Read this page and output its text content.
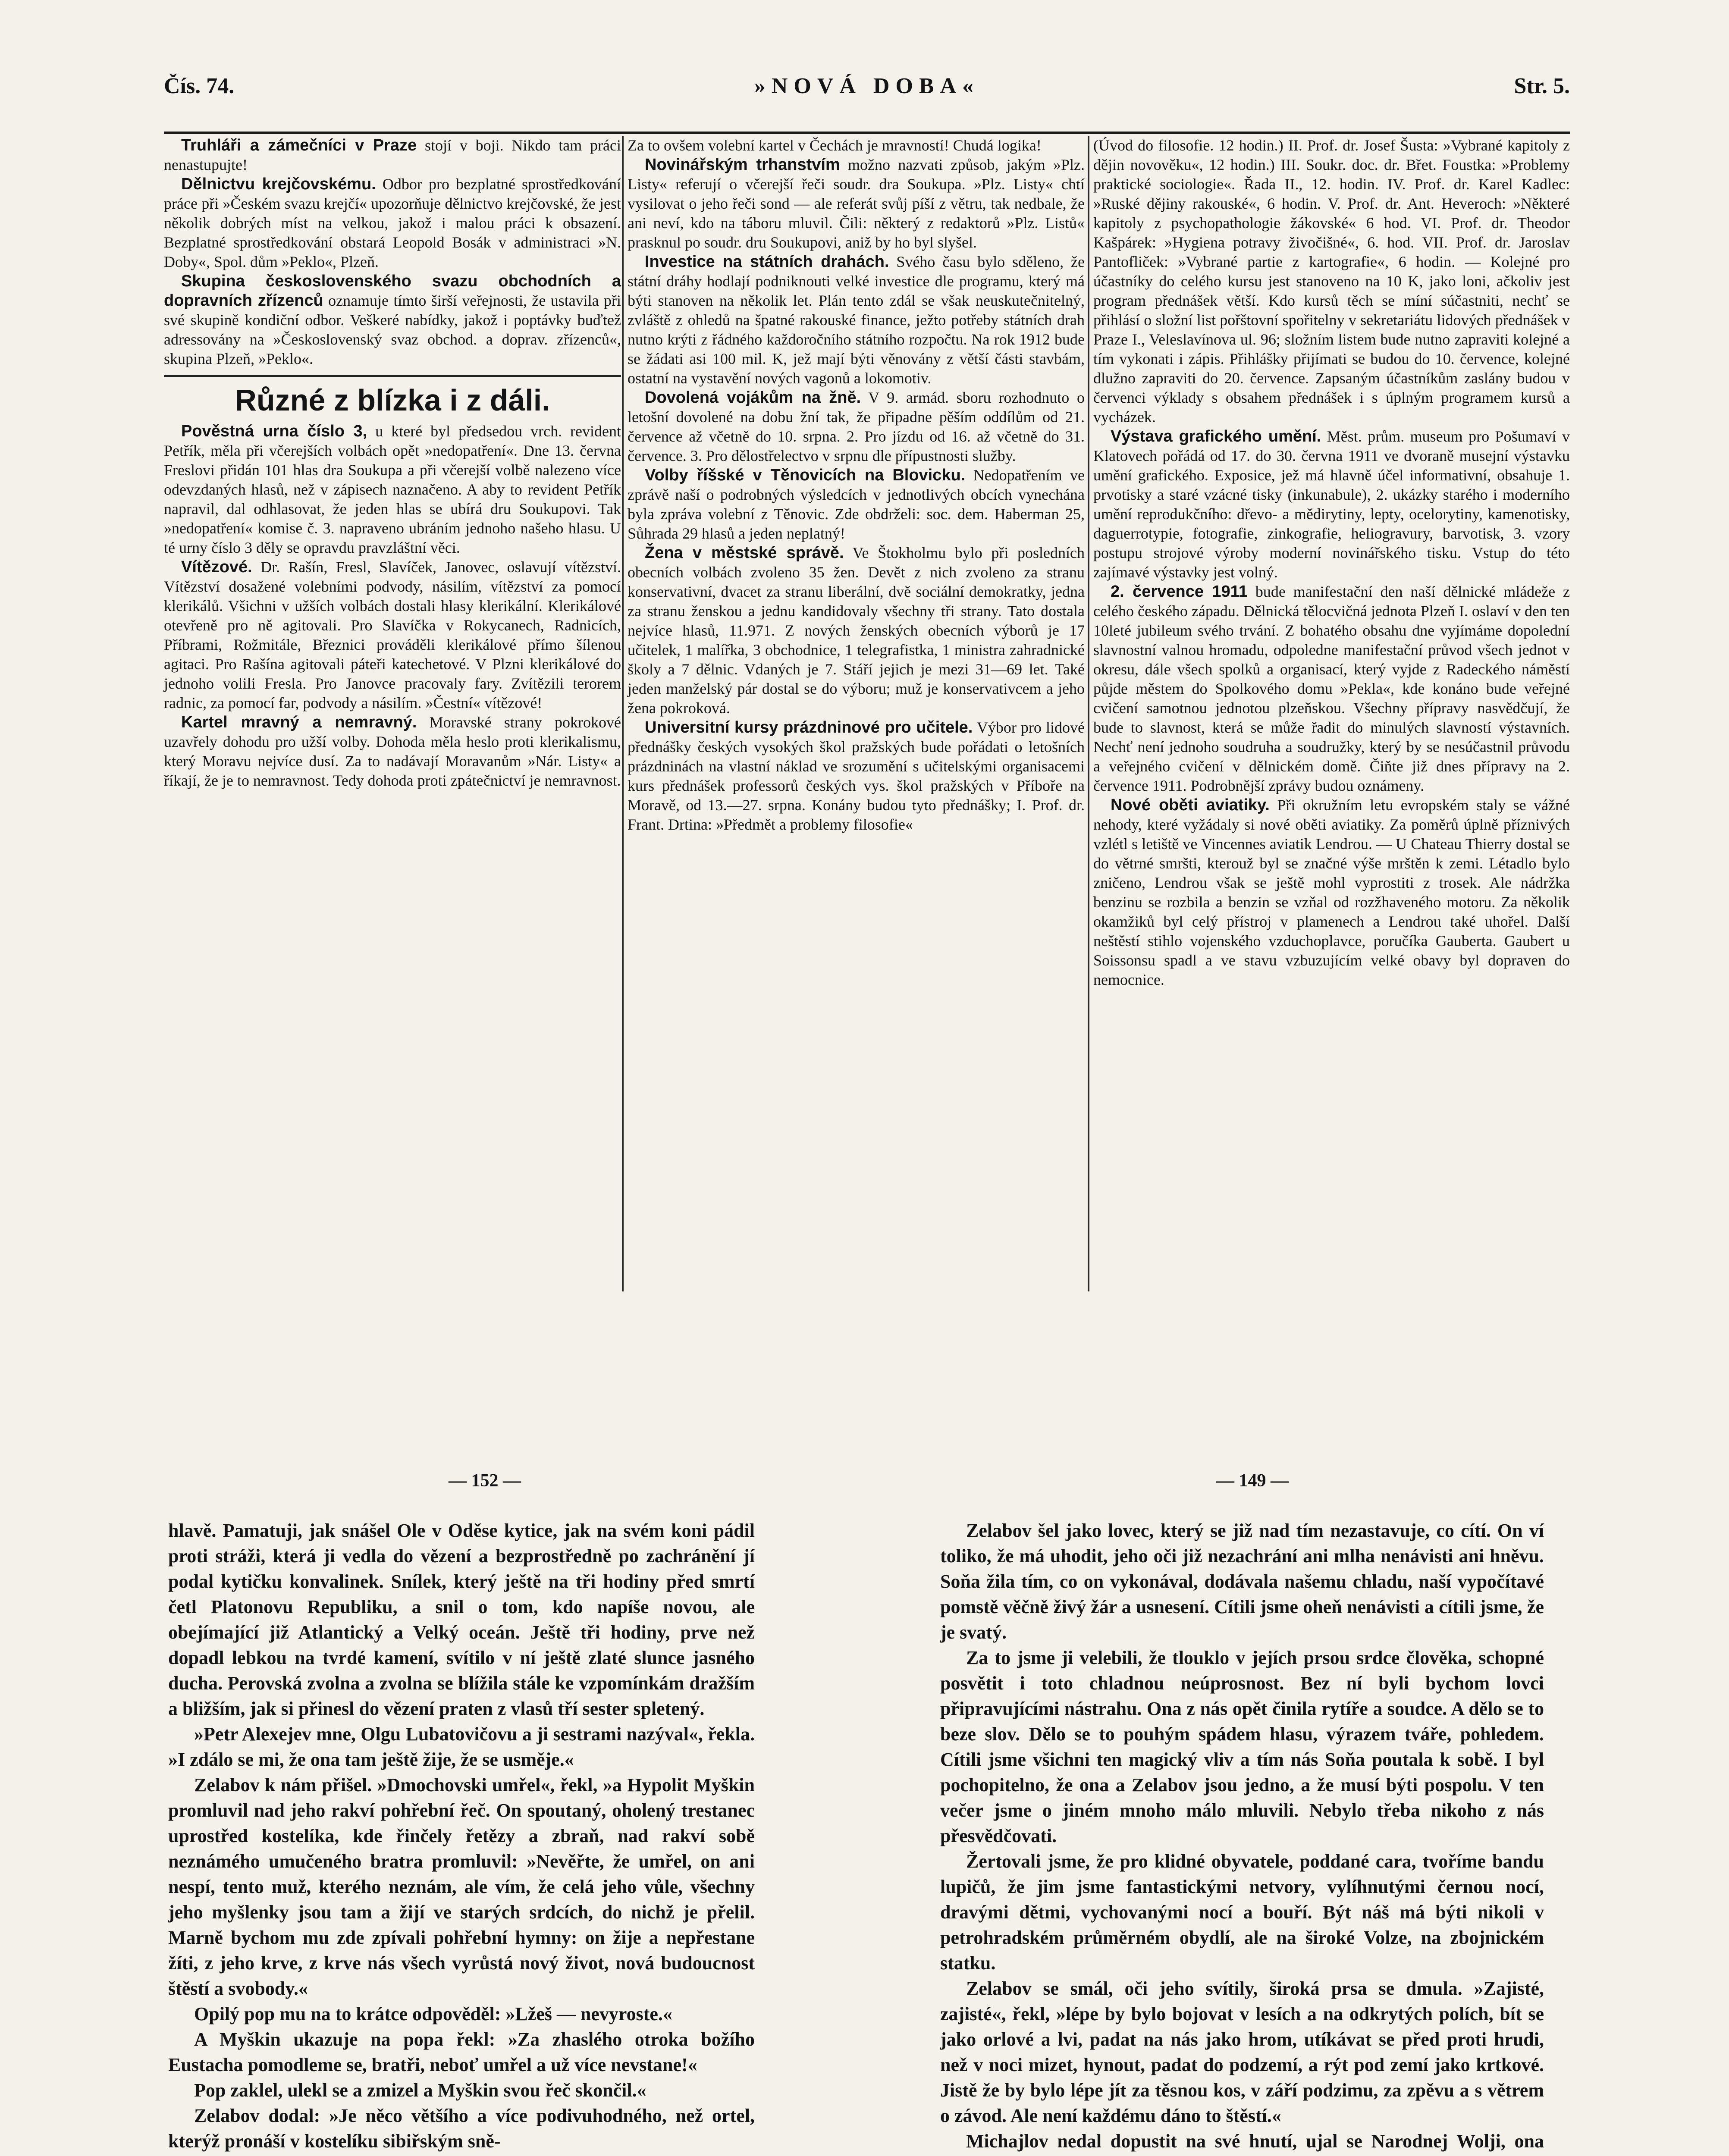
Čís. 74.	»NOVÁ DOBA«	Str. 5.

Truhláři a zámečníci v Praze stojí v boji. Nikdo tam práci nenastupujte!

Dělnictvu krejčovskému. Odbor pro bezplatné sprostředkování práce při »Českém svazu krejčí« upozorňuje dělnictvo krejčovské, že jest několik dobrých míst na velkou, jakož i malou práci k obsazení. Bezplatné sprostředkování obstará Leopold Bosák v administraci »N. Doby«, Spol. dům »Peklo«, Plzeň.

Skupina československého svazu obchodních a dopravních zřízenců oznamuje tímto širší veřejnosti, že ustavila při své skupině kondiční odbor. Veškeré nabídky, jakož i poptávky buďtež adressovány na »Československý svaz obchod. a doprav. zřízenců«, skupina Plzeň, »Peklo«.

Různé z blízka i z dáli.

Pověstná urna číslo 3, u které byl předsedou vrch. revident Petřík, měla při včerejších volbách opět »nedopatření«. Dne 13. června Freslovi přidán 101 hlas dra Soukupa a při včerejší volbě nalezeno více odevzdaných hlasů, než v zápisech naznačeno. A aby to revident Petřík napravil, dal odhlasovat, že jeden hlas se ubírá dru Soukupovi. Tak »nedopatření« komise č. 3. napraveno ubráním jednoho našeho hlasu. U té urny číslo 3 děly se opravdu pravzláštní věci.

Vítězové. Dr. Rašín, Fresl, Slavíček, Janovec, oslavují vítězství. Vítězství dosažené volebními podvody, násilím, vítězství za pomocí klerikálů. Všichni v užších volbách dostali hlasy klerikální. Klerikálové otevřeně pro ně agitovali. Pro Slavíčka v Rokycanech, Radnicích, Příbrami, Rožmitále, Březnici prováděli klerikálové přímo šílenou agitaci. Pro Rašína agitovali páteři katechetové. V Plzni klerikálové do jednoho volili Fresla. Pro Janovce pracovaly fary. Zvítězili terorem radnic, za pomocí far, podvody a násilím. »Čestní« vítězové!

Kartel mravný a nemravný. Moravské strany pokrokové uzavřely dohodu pro užší volby. Dohoda měla heslo proti klerikalismu, který Moravu nejvíce dusí. Za to nadávají Moravanům »Nár. Listy« a říkají, že je to nemravnost. Tedy dohoda proti zpátečnictví je nemravnost.

Za to ovšem volební kartel v Čechách je mravností! Chudá logika!

Novinářským trhanstvím možno nazvati způsob, jakým »Plz. Listy« referují o včerejší řeči soudr. dra Soukupa. »Plz. Listy« chtí vysilovat o jeho řeči sond — ale referát svůj píší z větru, tak nedbale, že ani neví, kdo na táboru mluvil. Čili: některý z redaktorů »Plz. Listů« prasknul po soudr. dru Soukupovi, aniž by ho byl slyšel.

Investice na státních drahách. Svého času bylo sděleno, že státní dráhy hodlají podniknouti velké investice dle programu, který má býti stanoven na několik let. Plán tento zdál se však neuskutečnitelný, zvláště z ohledů na špatné rakouské finance, ježto potřeby státních drah nutno krýti z řádného každoročního státního rozpočtu. Na rok 1912 bude se žádati asi 100 mil. K, jež mají býti věnovány z větší části stavbám, ostatní na vystavění nových vagonů a lokomotiv.

Dovolená vojákům na žně. V 9. armád. sboru rozhodnuto o letošní dovolené na dobu žní tak, že připadne pěším oddílům od 21. července až včetně do 10. srpna. 2. Pro jízdu od 16. až včetně do 31. července. 3. Pro dělostřelectvo v srpnu dle přípustnosti služby.

Volby říšské v Těnovicích na Blovicku. Nedopatřením ve zprávě naší o podrobných výsledcích v jednotlivých obcích vynechána byla zpráva volební z Těnovic. Zde obdrželi: soc. dem. Haberman 25, Sůhrada 29 hlasů a jeden neplatný!

Žena v městské správě. Ve Štokholmu bylo při posledních obecních volbách zvoleno 35 žen. Devět z nich zvoleno za stranu konservativní, dvacet za stranu liberální, dvě sociální demokratky, jedna za stranu ženskou a jednu kandidovaly všechny tři strany. Tato dostala nejvíce hlasů, 11.971. Z nových ženských obecních výborů je 17 učitelek, 1 malířka, 3 obchodnice, 1 telegrafistka, 1 ministra zahradnické školy a 7 dělnic. Vdaných je 7. Stáří jejich je mezi 31—69 let. Také jeden manželský pár dostal se do výboru; muž je konservativcem a jeho žena pokroková.

Universitní kursy prázdninové pro učitele. Výbor pro lidové přednášky českých vysokých škol pražských bude pořádati o letošních prázdninách na vlastní náklad ve srozumění s učitelskými organisacemi kurs přednášek professorů českých vys. škol pražských v Příboře na Moravě, od 13.—27. srpna. Konány budou tyto přednášky; I. Prof. dr. Frant. Drtina: »Předmět a problemy filosofie«

(Úvod do filosofie. 12 hodin.) II. Prof. dr. Josef Šusta: »Vybrané kapitoly z dějin novověku«, 12 hodin.) III. Soukr. doc. dr. Břet. Foustka: »Problemy praktické sociologie«. Řada II., 12. hodin. IV. Prof. dr. Karel Kadlec: »Ruské dějiny rakouské«, 6 hodin. V. Prof. dr. Ant. Heveroch: »Některé kapitoly z psychopathologie žákovské« 6 hod. VI. Prof. dr. Theodor Kašpárek: »Hygiena potravy živočišné«, 6. hod. VII. Prof. dr. Jaroslav Pantofliček: »Vybrané partie z kartografie«, 6 hodin. — Kolejné pro účastníky do celého kursu jest stanoveno na 10 K, jako loni, ačkoliv jest program přednášek větší. Kdo kursů těch se míní súčastniti, nechť se přihlásí o složní list pořštovní spořitelny v sekretariátu lidových přednášek v Praze I., Veleslavínova ul. 96; složním listem bude nutno zapraviti kolejné a tím vykonati i zápis. Přihlášky přijímati se budou do 10. července, kolejné dlužno zapraviti do 20. července. Zapsaným účastníkům zaslány budou v červenci výklady s obsahem přednášek i s úplným programem kursů a vycházek.

Výstava grafického umění. Měst. prům. museum pro Pošumaví v Klatovech pořádá od 17. do 30. června 1911 ve dvoraně musejní výstavku umění grafického. Exposice, jež má hlavně účel informativní, obsahuje 1. prvotisky a staré vzácné tisky (inkunabule), 2. ukázky starého i moderního umění reprodukčního: dřevo- a mědirytiny, lepty, ocelorytiny, kamenotisky, daguerrotypie, fotografie, zinkografie, heliogravury, barvotisk, 3. vzory postupu strojové výroby moderní novinářského tisku. Vstup do této zajímavé výstavky jest volný.

2. července 1911 bude manifestační den naší dělnické mládeže z celého českého západu. Dělnická tělocvičná jednota Plzeň I. oslaví v den ten 10leté jubileum svého trvání. Z bohatého obsahu dne vyjímáme dopolední slavnostní valnou hromadu, odpoledne manifestační průvod všech jednot v okresu, dále všech spolků a organisací, který vyjde z Radeckého náměstí půjde městem do Spolkového domu »Pekla«, kde konáno bude veřejné cvičení samotnou jednotou plzeňskou. Všechny přípravy nasvědčují, že bude to slavnost, která se může řadit do minulých slavností výstavních. Nechť není jednoho soudruha a soudružky, který by se nesúčastnil průvodu a veřejného cvičení v dělnickém domě. Čiňte již dnes přípravy na 2. července 1911. Podrobnější zprávy budou oznámeny.

Nové oběti aviatiky. Při okružním letu evropském staly se vážné nehody, které vyžádaly si nové oběti aviatiky. Za poměrů úplně příznivých vzlétl s letiště ve Vincennes aviatik Lendrou. — U Chateau Thierry dostal se do větrné smršti, kterouž byl se značné výše mrštěn k zemi. Létadlo bylo zničeno, Lendrou však se ještě mohl vyprostiti z trosek. Ale nádržka benzinu se rozbila a benzin se vzňal od rozžhaveného motoru. Za několik okamžiků byl celý přístroj v plamenech a Lendrou také uhořel. Další neštěstí stihlo vojenského vzduchoplavce, poručíka Gauberta. Gaubert u Soissonsu spadl a ve stavu vzbuzujícím velké obavy byl dopraven do nemocnice.

— 152 —	— 149 —

hlavě. Pamatuji, jak snášel Ole v Oděse kytice, jak na svém koni pádil proti stráži, která ji vedla do vězení a bezprostředně po zachránění jí podal kytičku konvalinek. Snílek, který ještě na tři hodiny před smrtí četl Platonovu Republiku, a snil o tom, kdo napíše novou, ale obejímající již Atlantický a Velký oceán. Ještě tři hodiny, prve než dopadl lebkou na tvrdé kamení, svítilo v ní ještě zlaté slunce jasného ducha. Perovská zvolna a zvolna se blížila stále ke vzpomínkám dražším a bližším, jak si přinesl do vězení praten z vlasů tří sester spletený.

»Petr Alexejev mne, Olgu Lubatovičovu a ji sestrami nazýval«, řekla. »I zdálo se mi, že ona tam ještě žije, že se usměje.«

Zelabov k nám přišel. »Dmochovski umřel«, řekl, »a Hypolit Myškin promluvil nad jeho rakví pohřební řeč. On spoutaný, oholený trestanec uprostřed kostelíka, kde řinčely řetězy a zbraň, nad rakví sobě neznámého umučeného bratra promluvil: »Nevěřte, že umřel, on ani nespí, tento muž, kterého neznám, ale vím, že celá jeho vůle, všechny jeho myšlenky jsou tam a žijí ve starých srdcích, do nichž je přelil. Marně bychom mu zde zpívali pohřební hymny: on žije a nepřestane žíti, z jeho krve, z krve nás všech vyrůstá nový život, nová budoucnost štěstí a svobody.«

Opilý pop mu na to krátce odpověděl: »Lžeš — nevyroste.«

A Myškin ukazuje na popa řekl: »Za zhaslého otroka božího Eustacha pomodleme se, bratři, neboť umřel a už více nevstane!«

Pop zaklel, ulekl se a zmizel a Myškin svou řeč skončil.«

Zelabov dodal: »Je něco většího a více podivuhodného, než ortel, kterýž pronáší v kostelíku sibiřským sně-

Zelabov šel jako lovec, který se již nad tím nezastavuje, co cítí. On ví toliko, že má uhodit, jeho oči již nezachrání ani mlha nenávisti ani hněvu. Soňa žila tím, co on vykonával, dodávala našemu chladu, naší vypočítavé pomstě věčně živý žár a usnesení. Cítili jsme oheň nenávisti a cítili jsme, že je svatý.

Za to jsme ji velebili, že tlouklo v jejích prsou srdce člověka, schopné posvětit i toto chladnou neúprosnost. Bez ní byli bychom lovci připravujícími nástrahu. Ona z nás opět činila rytíře a soudce. A dělo se to beze slov. Dělo se to pouhým spádem hlasu, výrazem tváře, pohledem. Cítili jsme všichni ten magický vliv a tím nás Soňa poutala k sobě. I byl pochopitelno, že ona a Zelabov jsou jedno, a že musí býti pospolu. V ten večer jsme o jiném mnoho málo mluvili. Nebylo třeba nikoho z nás přesvědčovati.

Žertovali jsme, že pro klidné obyvatele, poddané cara, tvoříme bandu lupičů, že jim jsme fantastickými netvory, vylíhnutými černou nocí, dravými dětmi, vychovanými nocí a bouří. Být náš má býti nikoli v petrohradském průměrném obydlí, ale na široké Volze, na zbojnickém statku.

Zelabov se smál, oči jeho svítily, široká prsa se dmula. »Zajisté, zajisté«, řekl, »lépe by bylo bojovat v lesích a na odkrytých polích, bít se jako orlové a lvi, padat na nás jako hrom, utíkávat se před proti hrudi, než v noci mizet, hynout, padat do podzemí, a rýt pod zemí jako krtkové. Jistě že by bylo lépe jít za těsnou kos, v září podzimu, za zpěvu a s větrem o závod. Ale není každému dáno to štěstí.«

Michajlov nedal dopustit na své hnutí, ujal se Narodnej Wolji, ona
